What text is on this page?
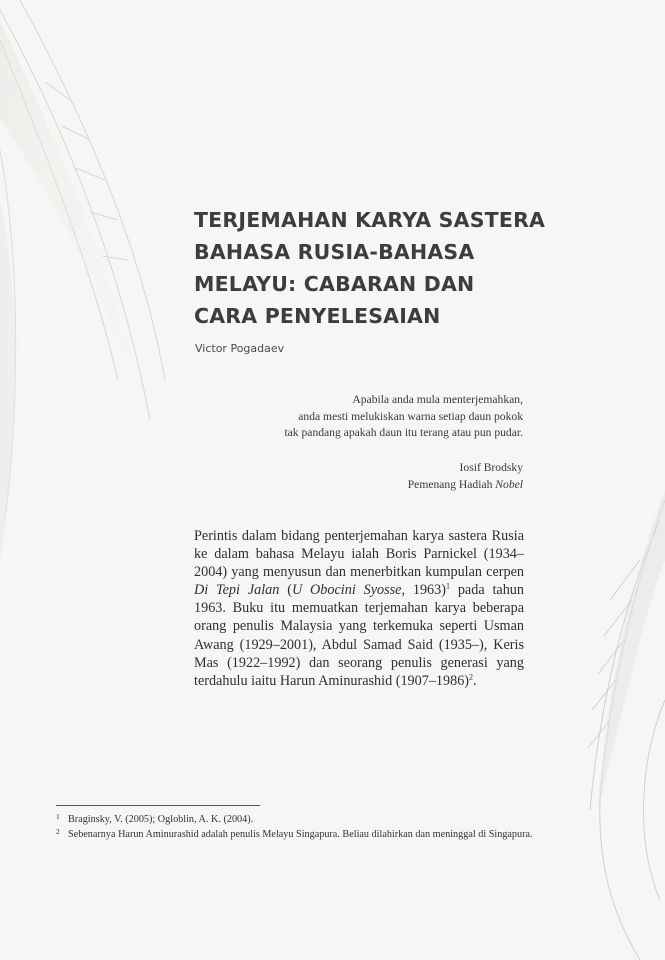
TERJEMAHAN KARYA SASTERA
BAHASA RUSIA-BAHASA
MELAYU: CABARAN DAN
CARA PENYELESAIAN
Victor Pogadaev
Apabila anda mula menterjemahkan,
anda mesti melukiskan warna setiap daun pokok
tak pandang apakah daun itu terang atau pun pudar.
Iosif Brodsky
Pemenang Hadiah Nobel

Perintis dalam bidang penterjemahan karya sastera Rusia ke dalam bahasa Melayu ialah Boris Parnickel (1934–2004) yang menyusun dan menerbitkan kumpulan cerpen Di Tepi Jalan (U Obocini Syosse, 1963)$^1$ pada tahun 1963. Buku itu memuatkan terjemahan karya beberapa orang penulis Malaysia yang terkemuka seperti Usman Awang (1929–2001), Abdul Samad Said (1935–), Keris Mas (1922–1992) dan seorang penulis generasi yang terdahulu iaitu Harun Aminurashid (1907–1986)$^2$.

1 Braginsky, V. (2005); Ogloblin, A. K. (2004).
2 Sebenarnya Harun Aminurashid adalah penulis Melayu Singapura. Beliau dilahirkan dan meninggal di Singapura.
